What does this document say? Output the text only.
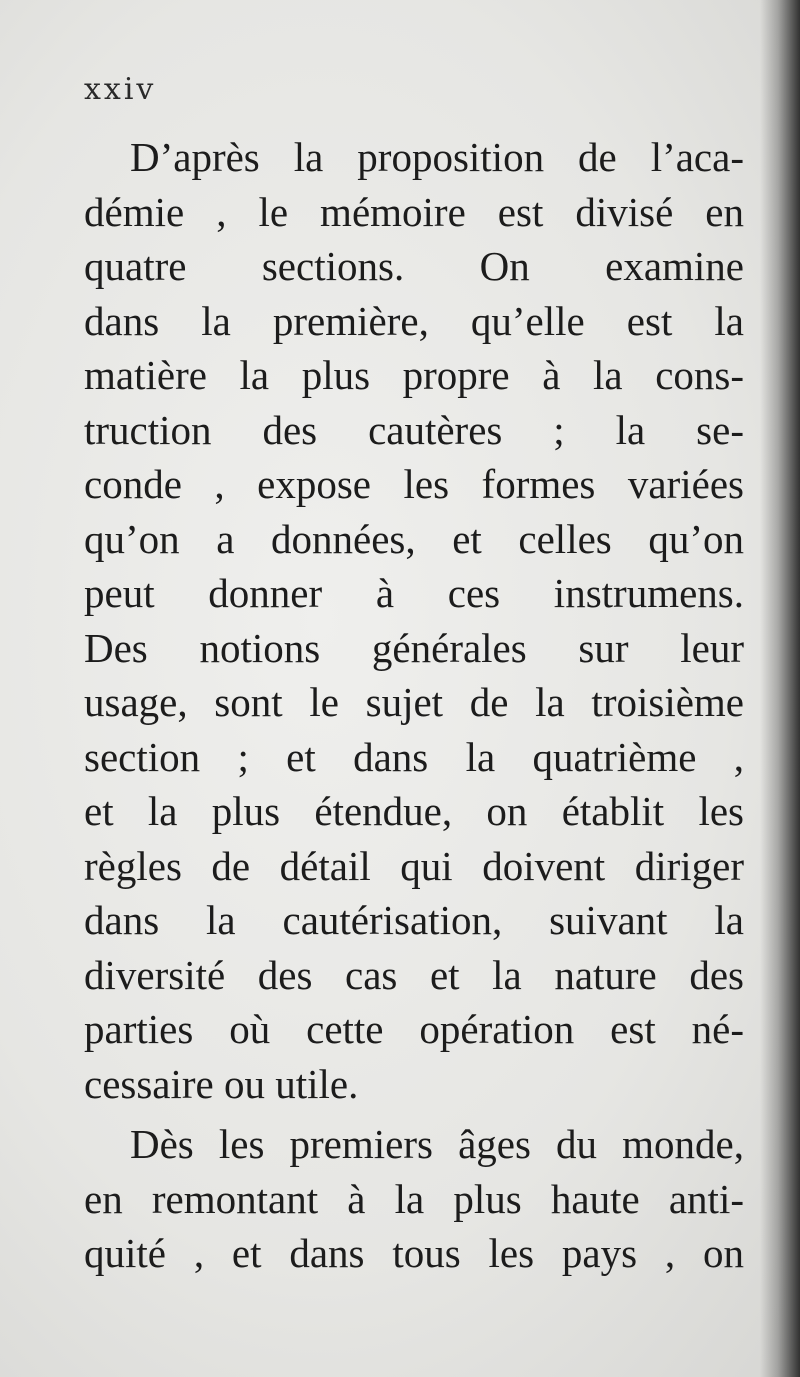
xxiv
D’après la proposition de l’aca-
démie , le mémoire est divisé en
quatre sections. On examine
dans la première, qu’elle est la
matière la plus propre à la cons-
truction des cautères ; la se-
conde , expose les formes variées
qu’on a données, et celles qu’on
peut donner à ces instrumens.
Des notions générales sur leur
usage, sont le sujet de la troisième
section ; et dans la quatrième ,
et la plus étendue, on établit les
règles de détail qui doivent diriger
dans la cautérisation, suivant la
diversité des cas et la nature des
parties où cette opération est né-
cessaire ou utile.
Dès les premiers âges du monde,
en remontant à la plus haute anti-
quité , et dans tous les pays , on
